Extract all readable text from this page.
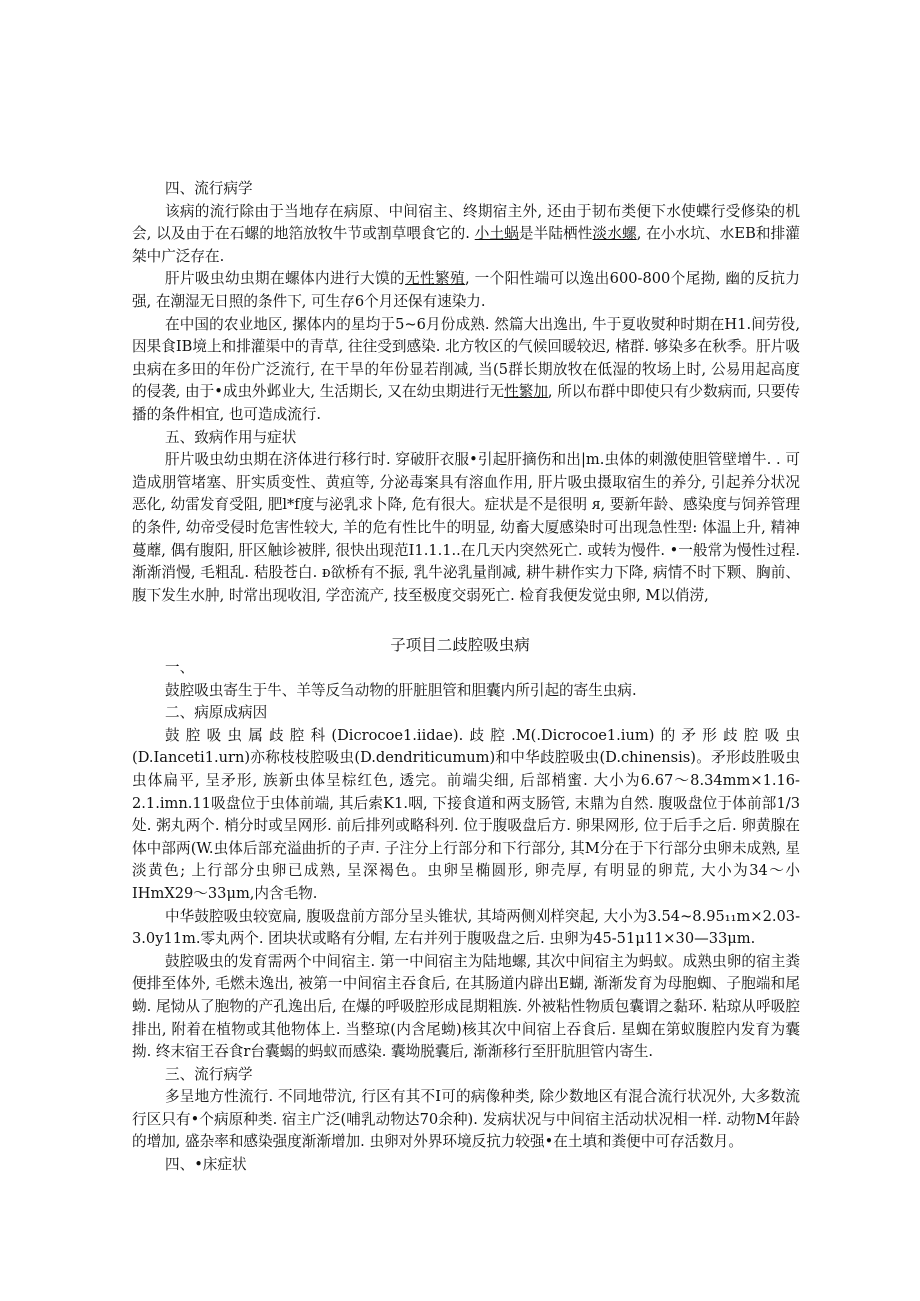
四、流行病学

该病的流行除由于当地存在病原、中间宿主、终期宿主外, 还由于韧布类便下水使蝶行受修染的机会, 以及由于在石螺的地箔放牧牛节或割草喂食它的. 小土蜗是半陆栖性淡水螺, 在小水坑、水EB和排灌桀中广泛存在.

肝片吸虫幼虫期在螺体内进行大馍的无性繁殖, 一个阳性端可以逸出600-800个尾拗, 幽的反抗力强, 在潮湿无日照的条件下, 可生存6个月还保有速染力.

在中国的农业地区, 摞体内的星均于5~6月份成熟. 然篇大出逸出, 牛于夏收熨种时期在H1.间劳役, 因果食IB境上和排灌渠中的青草, 往往受到感染. 北方牧区的气候回暖较迟, 楮群. 够染多在秋季。肝片吸虫病在多田的年份广泛流行, 在干旱的年份显若削减, 当(5群长期放牧在低湿的牧场上时, 公易用起高度的侵袭, 由于•成虫外邺业大, 生活期长, 又在幼虫期进行无性繁加, 所以布群中即使只有少数病而, 只要传播的条件相宜, 也可造成流行.

五、致病作用与症状

肝片吸虫幼虫期在济体进行移行时. 穿破肝衣服•引起肝摘伤和出|m.虫体的刺激使胆管壁增牛. . 可造成朋管堵塞、肝实质变性、黄疸等, 分泌毒案具有溶血作用, 肝片吸虫摄取宿生的养分, 引起养分状况恶化, 幼雷发育受阻, 肥l*f度与泌乳求卜降, 危有很大。症状是不是很明 ᴙ, 要新年龄、感染度与饲养管理的条件, 幼帝受侵时危害性较大, 羊的危有性比牛的明显, 幼畜大厦感染时可出现急性型: 体温上升, 精神蔓蘼, 偶有腹阳, 肝区触诊被胖, 很快出现范I1.1.1..在几天内突然死亡. 或转为慢件. •一般常为慢性过程. 渐渐消慢, 毛粗乱. 秸股苍白. ᴆ欲桥有不振, 乳牛泌乳量削减, 耕牛耕作实力下降, 病情不时下颗、胸前、腹下发生水肿, 时常出现收泪, 学峦流产, 技至极度交弱死亡. 检育我便发觉虫卵, M以俏涝,

子项目二歧腔吸虫病

一、

鼓腔吸虫寄生于牛、羊等反刍动物的肝脏胆管和胆囊内所引起的寄生虫病.

二、病原成病因

鼓腔吸虫属歧腔科(Dicrocoe1.iidae).歧腔.M(.Dicrocoe1.ium)的矛形歧腔吸虫(D.Ianceti1.urn)亦称枝枝腔吸虫(D.dendriticumum)和中华歧腔吸虫(D.chinensis)。矛形歧胜吸虫虫体扁平, 呈矛形, 族新虫体呈棕红色, 透完。前端尖细, 后部梢蜜. 大小为6.67〜8.34mm×1.16-2.1.imn.11吸盘位于虫体前端, 其后索K1.咽, 下接食道和两支肠管, 末鼎为自然. 腹吸盘位于体前部1/3处. 粥丸两个. 梢分时或呈网形. 前后排列或略科列. 位于腹吸盘后方. 卵果网形, 位于后手之后. 卵黄腺在体中部两(W.虫体后部充溢曲折的子声. 子注分上行部分和下行部分, 其M分在于下行部分虫卵未成熟, 星淡黄色; 上行部分虫卵已成熟, 呈深褐色。虫卵呈椭圆形, 卵壳厚, 有明显的卵荒, 大小为34〜小IHmX29〜33μm,内含毛物.

中华鼓腔吸虫较宽扁, 腹吸盘前方部分呈头锥状, 其埼两侧刈样突起, 大小为3.54~8.95₁₁m×2.03-3.0y11m.零丸两个. 团块状或略有分帽, 左右并列于腹吸盘之后. 虫卵为45-51μ11×30—33μm.

鼓腔吸虫的发育需两个中间宿主. 第一中间宿主为陆地螺, 其次中间宿主为蚂蚁。成熟虫卵的宿主粪便排至体外, 毛燃未逸出, 被第一中间宿主吞食后, 在其肠道内辟出E蝴, 渐渐发育为母胞蜘、子胞端和尾蚴. 尾恸从了胞物的产孔逸出后, 在爆的呼吸腔形成昆期粗族. 外被粘性物质包囊谓之黏环. 粘琼从呼吸腔排出, 附着在植物或其他物体上. 当整琼(内含尾蚴)核其次中间宿上吞食后. 星蜘在第蚁腹腔内发育为囊拗. 终末宿王吞食r台囊蝎的蚂蚁而感染. 囊坳脱囊后, 渐渐移行至肝肮胆管内寄生.

三、流行病学

多呈地方性流行. 不同地带沆, 行区有其不I可的病像种类, 除少数地区有混合流行状况外, 大多数流行区只有•个病原种类. 宿主广泛(哺乳动物达70余种). 发病状况与中间宿主活动状况相一样. 动物M年龄的增加, 盛杂率和感染强度渐渐增加. 虫卵对外界环境反抗力较强•在土填和粪便中可存活数月。

四、•床症状
